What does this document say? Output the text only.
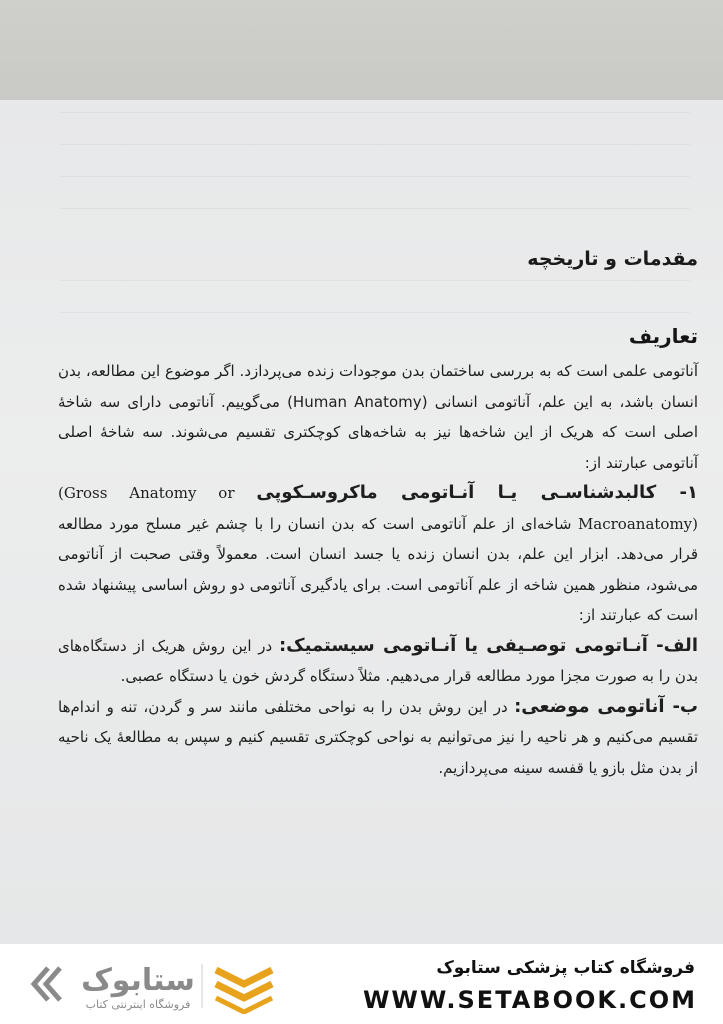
مقدمات و تاریخچه
تعاریف

آناتومی علمی است که به بررسی ساختمان بدن موجودات زنده می‌پردازد. اگر موضوع این مطالعه، بدن انسان باشد، به این علم، آناتومی انسانی (Human Anatomy) می‌گوییم. آناتومی دارای سه شاخهٔ اصلی است که هریک از این شاخه‌ها نیز به شاخه‌های کوچکتری تقسیم می‌شوند. سه شاخهٔ اصلی آناتومی عبارتند از:

۱- کالبدشناسـی یـا آنـاتومی ماکروسـکوپی (Gross Anatomy or Macroanatomy) شاخه‌ای از علم آناتومی است که بدن انسان را با چشم غیر مسلح مورد مطالعه قرار می‌دهد. ابزار این علم، بدن انسان زنده یا جسد انسان است. معمولاً وقتی صحبت از آناتومی می‌شود، منظور همین شاخه از علم آناتومی است. برای یادگیری آناتومی دو روش اساسی پیشنهاد شده است که عبارتند از:

الف- آنـاتومی توصـیفی یا آنـاتومی سیستمیک: در این روش هریک از دستگاه‌های بدن را به صورت مجزا مورد مطالعه قرار می‌دهیم. مثلاً دستگاه گردش خون یا دستگاه عصبی.

ب- آناتومی موضعی: در این روش بدن را به نواحی مختلفی مانند سر و گردن، تنه و اندام‌ها تقسیم می‌کنیم و هر ناحیه را نیز می‌توانیم به نواحی کوچکتری تقسیم کنیم و سپس به مطالعهٔ یک ناحیه از بدن مثل بازو یا قفسه سینه می‌پردازیم.

ستابوک
فروشگاه اینترنتی کتاب

فروشگاه کتاب پزشکی ستابوک

WWW.SETABOOK.COM
